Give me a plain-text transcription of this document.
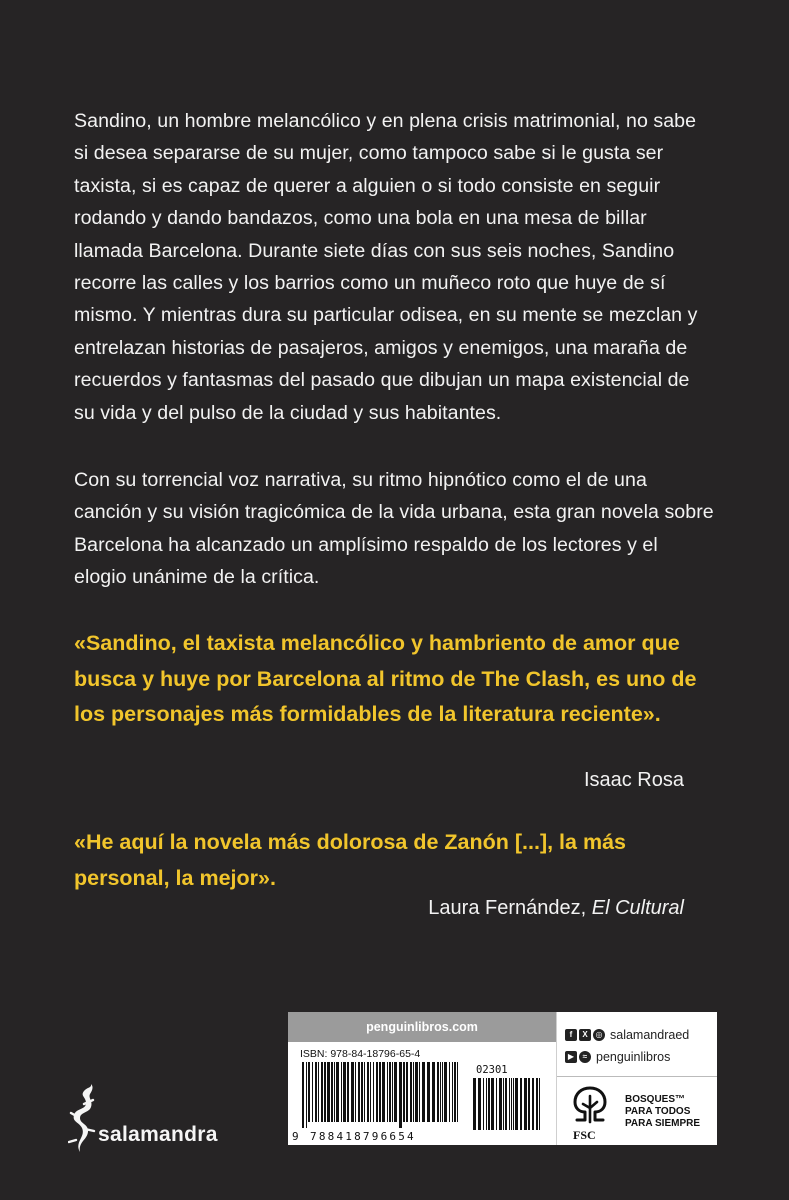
Sandino, un hombre melancólico y en plena crisis matrimonial, no sabe si desea separarse de su mujer, como tampoco sabe si le gusta ser taxista, si es capaz de querer a alguien o si todo consiste en seguir rodando y dando bandazos, como una bola en una mesa de billar llamada Barcelona. Durante siete días con sus seis noches, Sandino recorre las calles y los barrios como un muñeco roto que huye de sí mismo. Y mientras dura su particular odisea, en su mente se mezclan y entrelazan historias de pasajeros, amigos y enemigos, una maraña de recuerdos y fantasmas del pasado que dibujan un mapa existencial de su vida y del pulso de la ciudad y sus habitantes.

Con su torrencial voz narrativa, su ritmo hipnótico como el de una canción y su visión tragicómica de la vida urbana, esta gran novela sobre Barcelona ha alcanzado un amplísimo respaldo de los lectores y el elogio unánime de la crítica.

«Sandino, el taxista melancólico y hambriento de amor que busca y huye por Barcelona al ritmo de The Clash, es uno de los personajes más formidables de la literatura reciente».

Isaac Rosa

«He aquí la novela más dolorosa de Zanón [...], la más personal, la mejor».

Laura Fernández, El Cultural

salamandra
penguinlibros.com
ISBN: 978-84-18796-65-4
9 788418796654
02301
f	X ◎ salamandraed
▶	≈ penguinlibros
FSC
BOSQUES™
PARA TODOS
PARA SIEMPRE
